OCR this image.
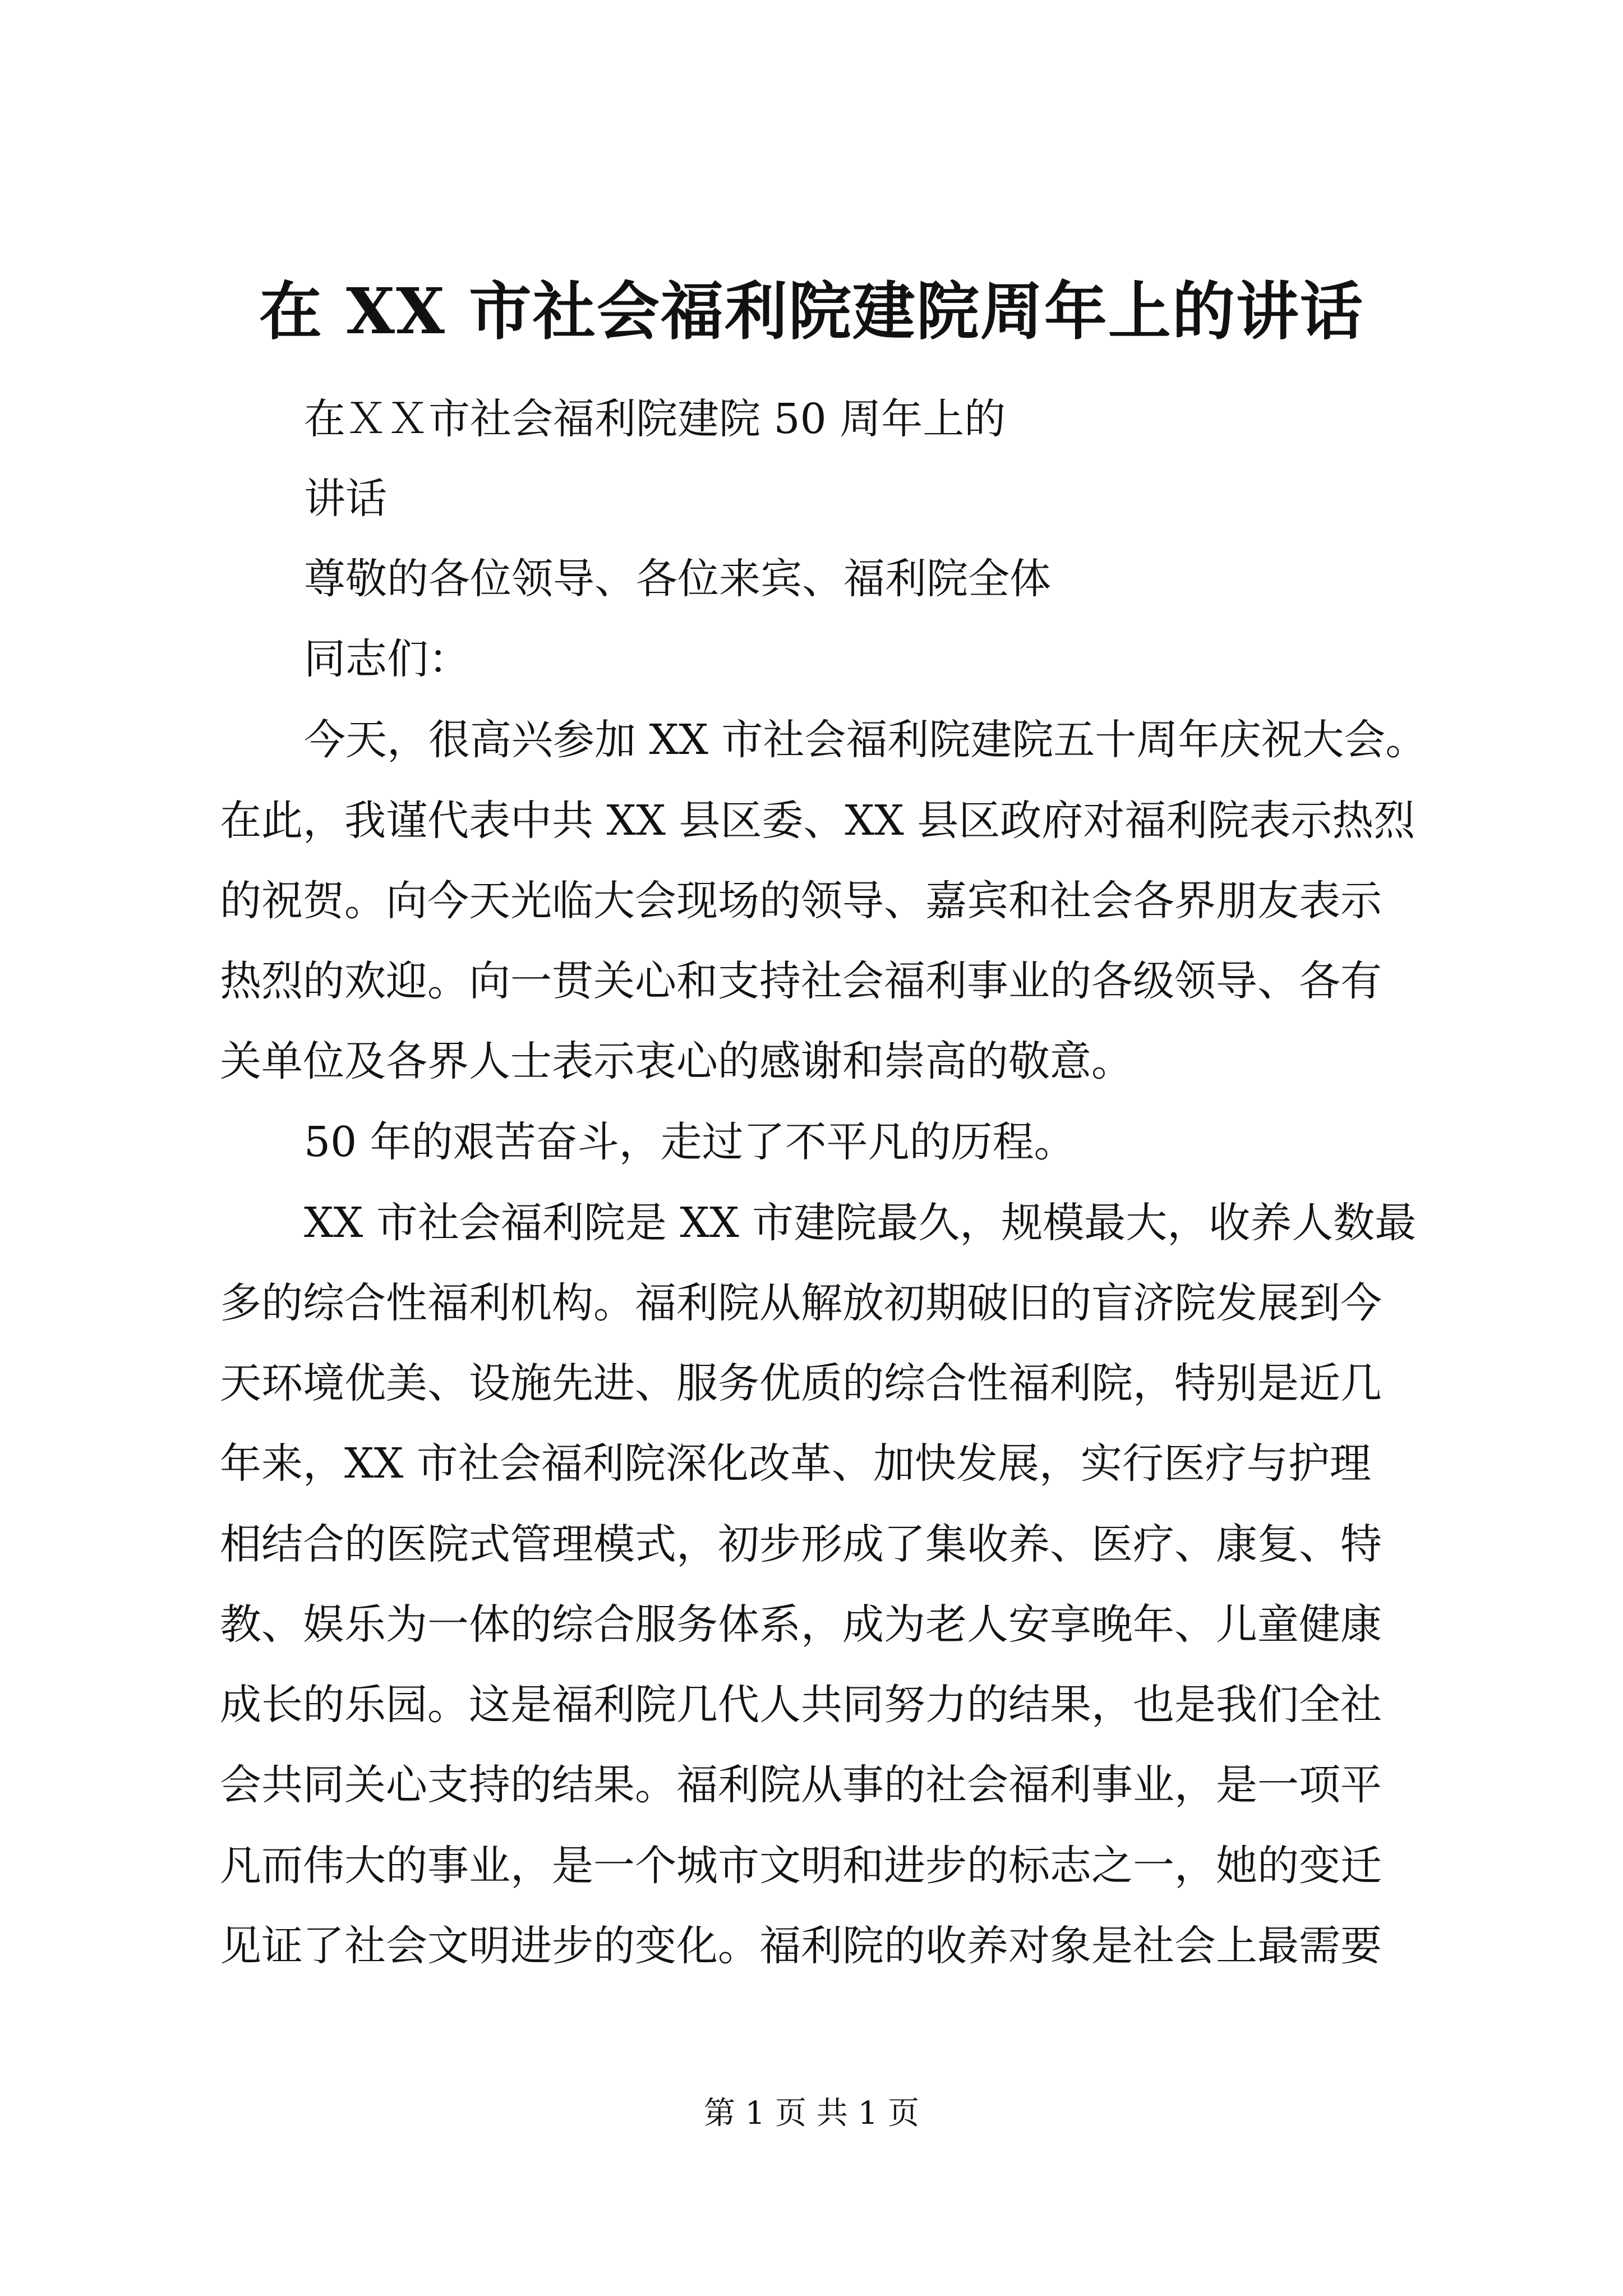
在 XX 市社会福利院建院周年上的讲话

在ＸＸ市社会福利院建院 50 周年上的

讲话

尊敬的各位领导、各位来宾、福利院全体

同志们：

今天，很高兴参加 XX 市社会福利院建院五十周年庆祝大会。

在此，我谨代表中共 XX 县区委、XX 县区政府对福利院表示热烈

的祝贺。向今天光临大会现场的领导、嘉宾和社会各界朋友表示

热烈的欢迎。向一贯关心和支持社会福利事业的各级领导、各有

关单位及各界人士表示衷心的感谢和崇高的敬意。

50 年的艰苦奋斗，走过了不平凡的历程。

XX 市社会福利院是 XX 市建院最久，规模最大，收养人数最

多的综合性福利机构。福利院从解放初期破旧的盲济院发展到今

天环境优美、设施先进、服务优质的综合性福利院，特别是近几

年来，XX 市社会福利院深化改革、加快发展，实行医疗与护理

相结合的医院式管理模式，初步形成了集收养、医疗、康复、特

教、娱乐为一体的综合服务体系，成为老人安享晚年、儿童健康

成长的乐园。这是福利院几代人共同努力的结果，也是我们全社

会共同关心支持的结果。福利院从事的社会福利事业，是一项平

凡而伟大的事业，是一个城市文明和进步的标志之一，她的变迁

见证了社会文明进步的变化。福利院的收养对象是社会上最需要

第 1 页 共 1 页
